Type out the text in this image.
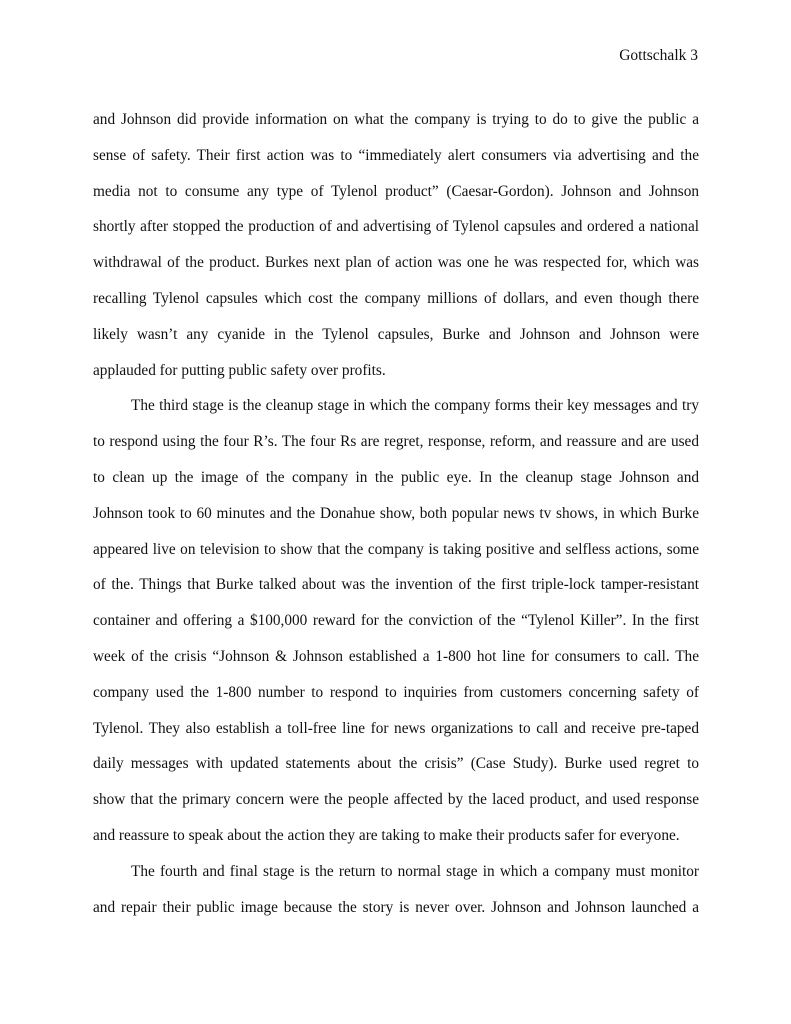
Gottschalk 3
and Johnson did provide information on what the company is trying to do to give the public a
sense of safety. Their first action was to “immediately alert consumers via advertising and the
media not to consume any type of Tylenol product” (Caesar-Gordon). Johnson and Johnson
shortly after stopped the production of and advertising of Tylenol capsules and ordered a national
withdrawal of the product. Burkes next plan of action was one he was respected for, which was
recalling Tylenol capsules which cost the company millions of dollars, and even though there
likely wasn’t any cyanide in the Tylenol capsules, Burke and Johnson and Johnson were
applauded for putting public safety over profits.
The third stage is the cleanup stage in which the company forms their key messages and try
to respond using the four R’s. The four Rs are regret, response, reform, and reassure and are used
to clean up the image of the company in the public eye. In the cleanup stage Johnson and
Johnson took to 60 minutes and the Donahue show, both popular news tv shows, in which Burke
appeared live on television to show that the company is taking positive and selfless actions, some
of the. Things that Burke talked about was the invention of the first triple-lock tamper-resistant
container and offering a $100,000 reward for the conviction of the “Tylenol Killer”. In the first
week of the crisis “Johnson & Johnson established a 1-800 hot line for consumers to call. The
company used the 1-800 number to respond to inquiries from customers concerning safety of
Tylenol. They also establish a toll-free line for news organizations to call and receive pre-taped
daily messages with updated statements about the crisis” (Case Study). Burke used regret to
show that the primary concern were the people affected by the laced product, and used response
and reassure to speak about the action they are taking to make their products safer for everyone.
The fourth and final stage is the return to normal stage in which a company must monitor
and repair their public image because the story is never over. Johnson and Johnson launched a
